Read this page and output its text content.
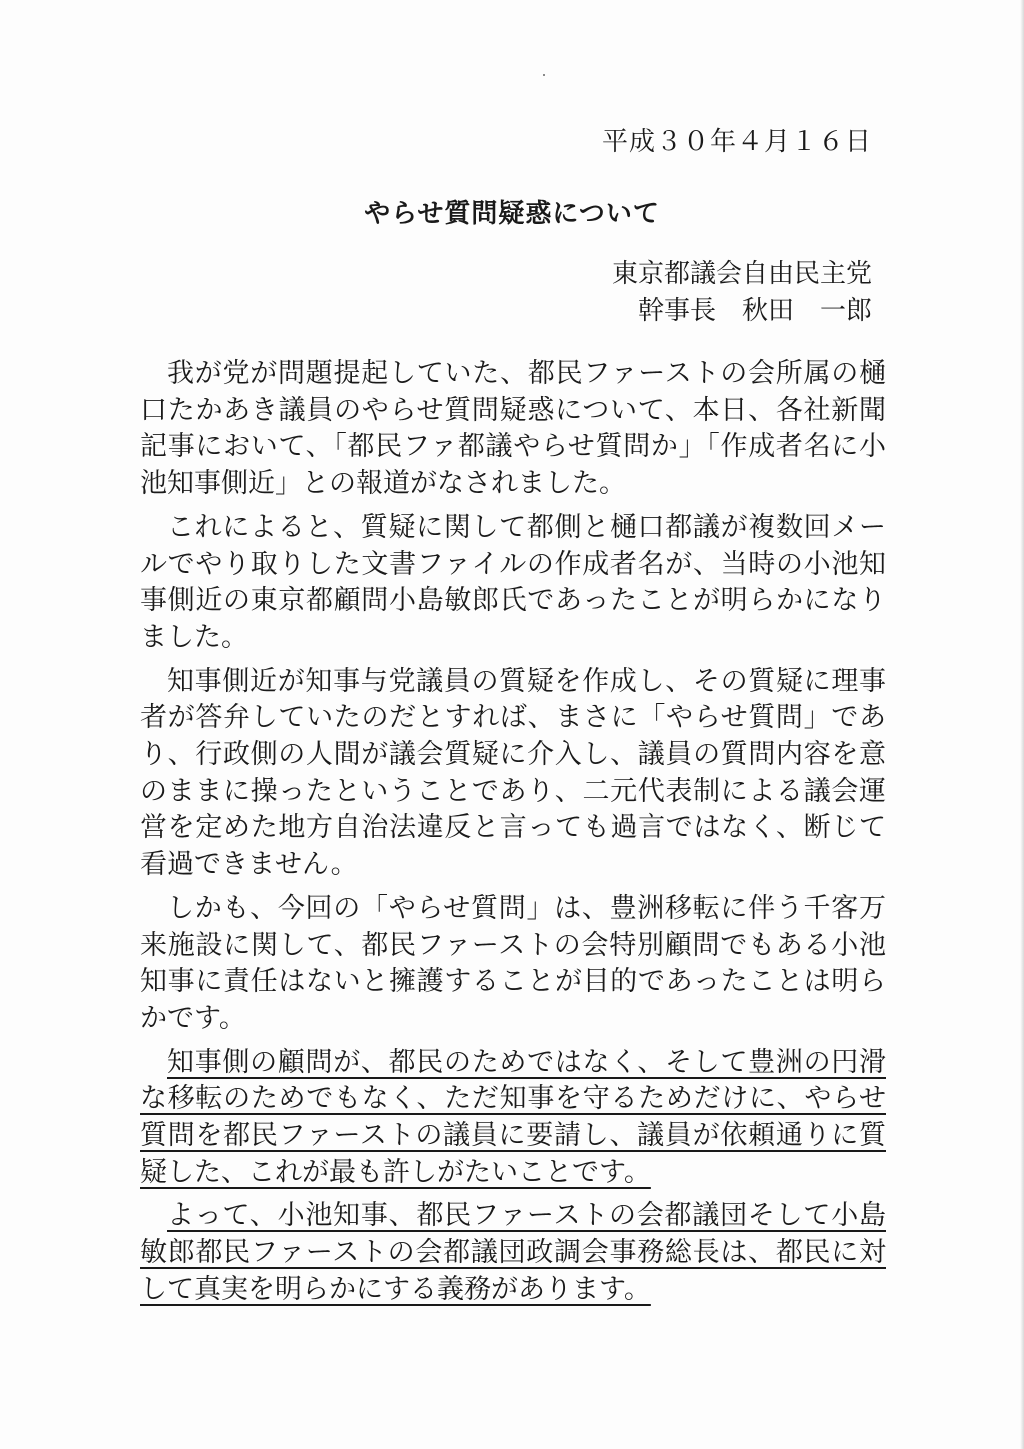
平成３０年４月１６日
やらせ質問疑惑について
東京都議会自由民主党
幹事長　秋田　一郎

我が党が問題提起していた、都民ファーストの会所属の樋口たかあき議員のやらせ質問疑惑について、本日、各社新聞記事において、「都民ファ都議やらせ質問か」「作成者名に小池知事側近」との報道がなされました。

これによると、質疑に関して都側と樋口都議が複数回メールでやり取りした文書ファイルの作成者名が、当時の小池知事側近の東京都顧問小島敏郎氏であったことが明らかになりました。

知事側近が知事与党議員の質疑を作成し、その質疑に理事者が答弁していたのだとすれば、まさに「やらせ質問」であり、行政側の人間が議会質疑に介入し、議員の質問内容を意のままに操ったということであり、二元代表制による議会運営を定めた地方自治法違反と言っても過言ではなく、断じて看過できません。

しかも、今回の「やらせ質問」は、豊洲移転に伴う千客万来施設に関して、都民ファーストの会特別顧問でもある小池知事に責任はないと擁護することが目的であったことは明らかです。

知事側の顧問が、都民のためではなく、そして豊洲の円滑な移転のためでもなく、ただ知事を守るためだけに、やらせ質問を都民ファーストの議員に要請し、議員が依頼通りに質疑した、これが最も許しがたいことです。

よって、小池知事、都民ファーストの会都議団そして小島敏郎都民ファーストの会都議団政調会事務総長は、都民に対して真実を明らかにする義務があります。
